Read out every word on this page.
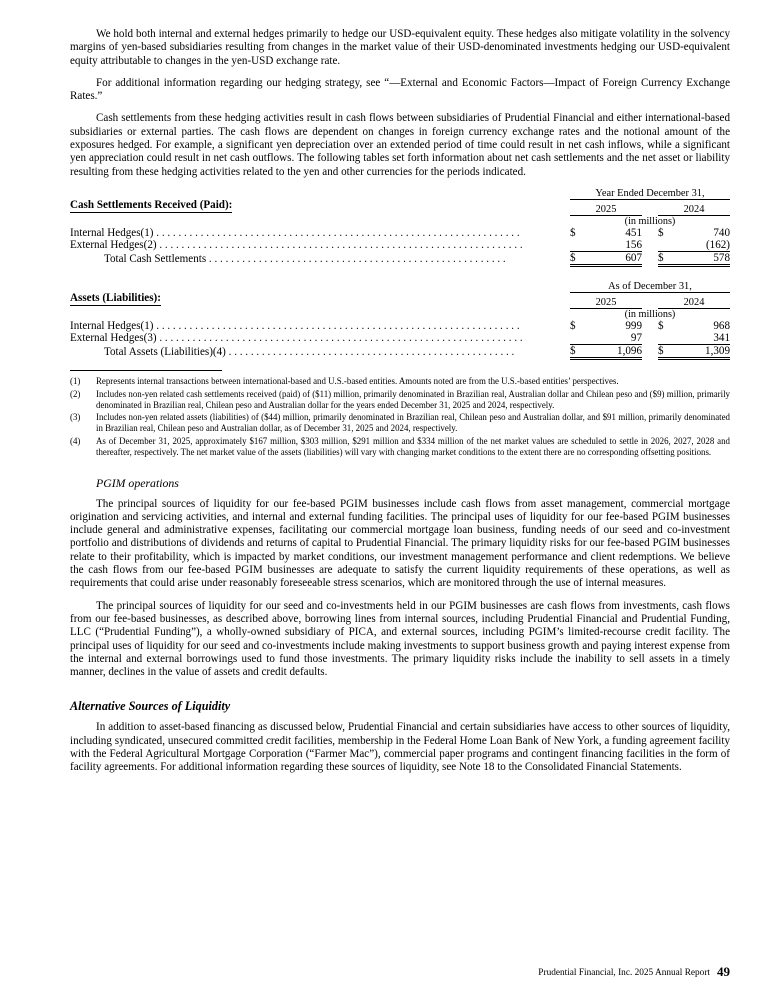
We hold both internal and external hedges primarily to hedge our USD-equivalent equity. These hedges also mitigate volatility in the solvency margins of yen-based subsidiaries resulting from changes in the market value of their USD-denominated investments hedging our USD-equivalent equity attributable to changes in the yen-USD exchange rate.

For additional information regarding our hedging strategy, see “—External and Economic Factors—Impact of Foreign Currency Exchange Rates.”

Cash settlements from these hedging activities result in cash flows between subsidiaries of Prudential Financial and either international-based subsidiaries or external parties. The cash flows are dependent on changes in foreign currency exchange rates and the notional amount of the exposures hedged. For example, a significant yen depreciation over an extended period of time could result in net cash inflows, while a significant yen appreciation could result in net cash outflows. The following tables set forth information about net cash settlements and the net asset or liability resulting from these hedging activities related to the yen and other currencies for the periods indicated.

		Year Ended December 31,		
Cash Settlements Received (Paid):		2025		2024
		(in millions)		
Internal Hedges(1) . . . . . . . . . . . . . . . . . . . . . . . . . . . . . . . . . . . . . . . . . . . . . . . . . . . . . . . . . . . . . . . . . .		$ 451		$ 740
External Hedges(2) . . . . . . . . . . . . . . . . . . . . . . . . . . . . . . . . . . . . . . . . . . . . . . . . . . . . . . . . . . . . . . . . . .		156		(162)
Total Cash Settlements . . . . . . . . . . . . . . . . . . . . . . . . . . . . . . . . . . . . . . . . . . . . . . . . . . . . . .		$ 607		$ 578
		As of December 31,		
Assets (Liabilities):		2025		2024
		(in millions)		
Internal Hedges(1) . . . . . . . . . . . . . . . . . . . . . . . . . . . . . . . . . . . . . . . . . . . . . . . . . . . . . . . . . . . . . . . . . .		$ 999		$ 968
External Hedges(3) . . . . . . . . . . . . . . . . . . . . . . . . . . . . . . . . . . . . . . . . . . . . . . . . . . . . . . . . . . . . . . . . . .		97		341
Total Assets (Liabilities)(4) . . . . . . . . . . . . . . . . . . . . . . . . . . . . . . . . . . . . . . . . . . . . . . . . . . . .		$ 1,096		$ 1,309
(1)	Represents internal transactions between international-based and U.S.-based entities. Amounts noted are from the U.S.-based entities’ perspectives.
(2)	Includes non-yen related cash settlements received (paid) of ($11) million, primarily denominated in Brazilian real, Australian dollar and Chilean peso and ($9) million, primarily denominated in Brazilian real, Chilean peso and Australian dollar for the years ended December 31, 2025 and 2024, respectively.
(3)	Includes non-yen related assets (liabilities) of ($44) million, primarily denominated in Brazilian real, Chilean peso and Australian dollar, and $91 million, primarily denominated in Brazilian real, Chilean peso and Australian dollar, as of December 31, 2025 and 2024, respectively.
(4)	As of December 31, 2025, approximately $167 million, $303 million, $291 million and $334 million of the net market values are scheduled to settle in 2026, 2027, 2028 and thereafter, respectively. The net market value of the assets (liabilities) will vary with changing market conditions to the extent there are no corresponding offsetting positions.
PGIM operations

The principal sources of liquidity for our fee-based PGIM businesses include cash flows from asset management, commercial mortgage origination and servicing activities, and internal and external funding facilities. The principal uses of liquidity for our fee-based PGIM businesses include general and administrative expenses, facilitating our commercial mortgage loan business, funding needs of our seed and co-investment portfolio and distributions of dividends and returns of capital to Prudential Financial. The primary liquidity risks for our fee-based PGIM businesses relate to their profitability, which is impacted by market conditions, our investment management performance and client redemptions. We believe the cash flows from our fee-based PGIM businesses are adequate to satisfy the current liquidity requirements of these operations, as well as requirements that could arise under reasonably foreseeable stress scenarios, which are monitored through the use of internal measures.

The principal sources of liquidity for our seed and co-investments held in our PGIM businesses are cash flows from investments, cash flows from our fee-based businesses, as described above, borrowing lines from internal sources, including Prudential Financial and Prudential Funding, LLC (“Prudential Funding”), a wholly-owned subsidiary of PICA, and external sources, including PGIM’s limited-recourse credit facility. The principal uses of liquidity for our seed and co-investments include making investments to support business growth and paying interest expense from the internal and external borrowings used to fund those investments. The primary liquidity risks include the inability to sell assets in a timely manner, declines in the value of assets and credit defaults.

Alternative Sources of Liquidity

In addition to asset-based financing as discussed below, Prudential Financial and certain subsidiaries have access to other sources of liquidity, including syndicated, unsecured committed credit facilities, membership in the Federal Home Loan Bank of New York, a funding agreement facility with the Federal Agricultural Mortgage Corporation (“Farmer Mac”), commercial paper programs and contingent financing facilities in the form of facility agreements. For additional information regarding these sources of liquidity, see Note 18 to the Consolidated Financial Statements.

Prudential Financial, Inc. 2025 Annual Report 49
